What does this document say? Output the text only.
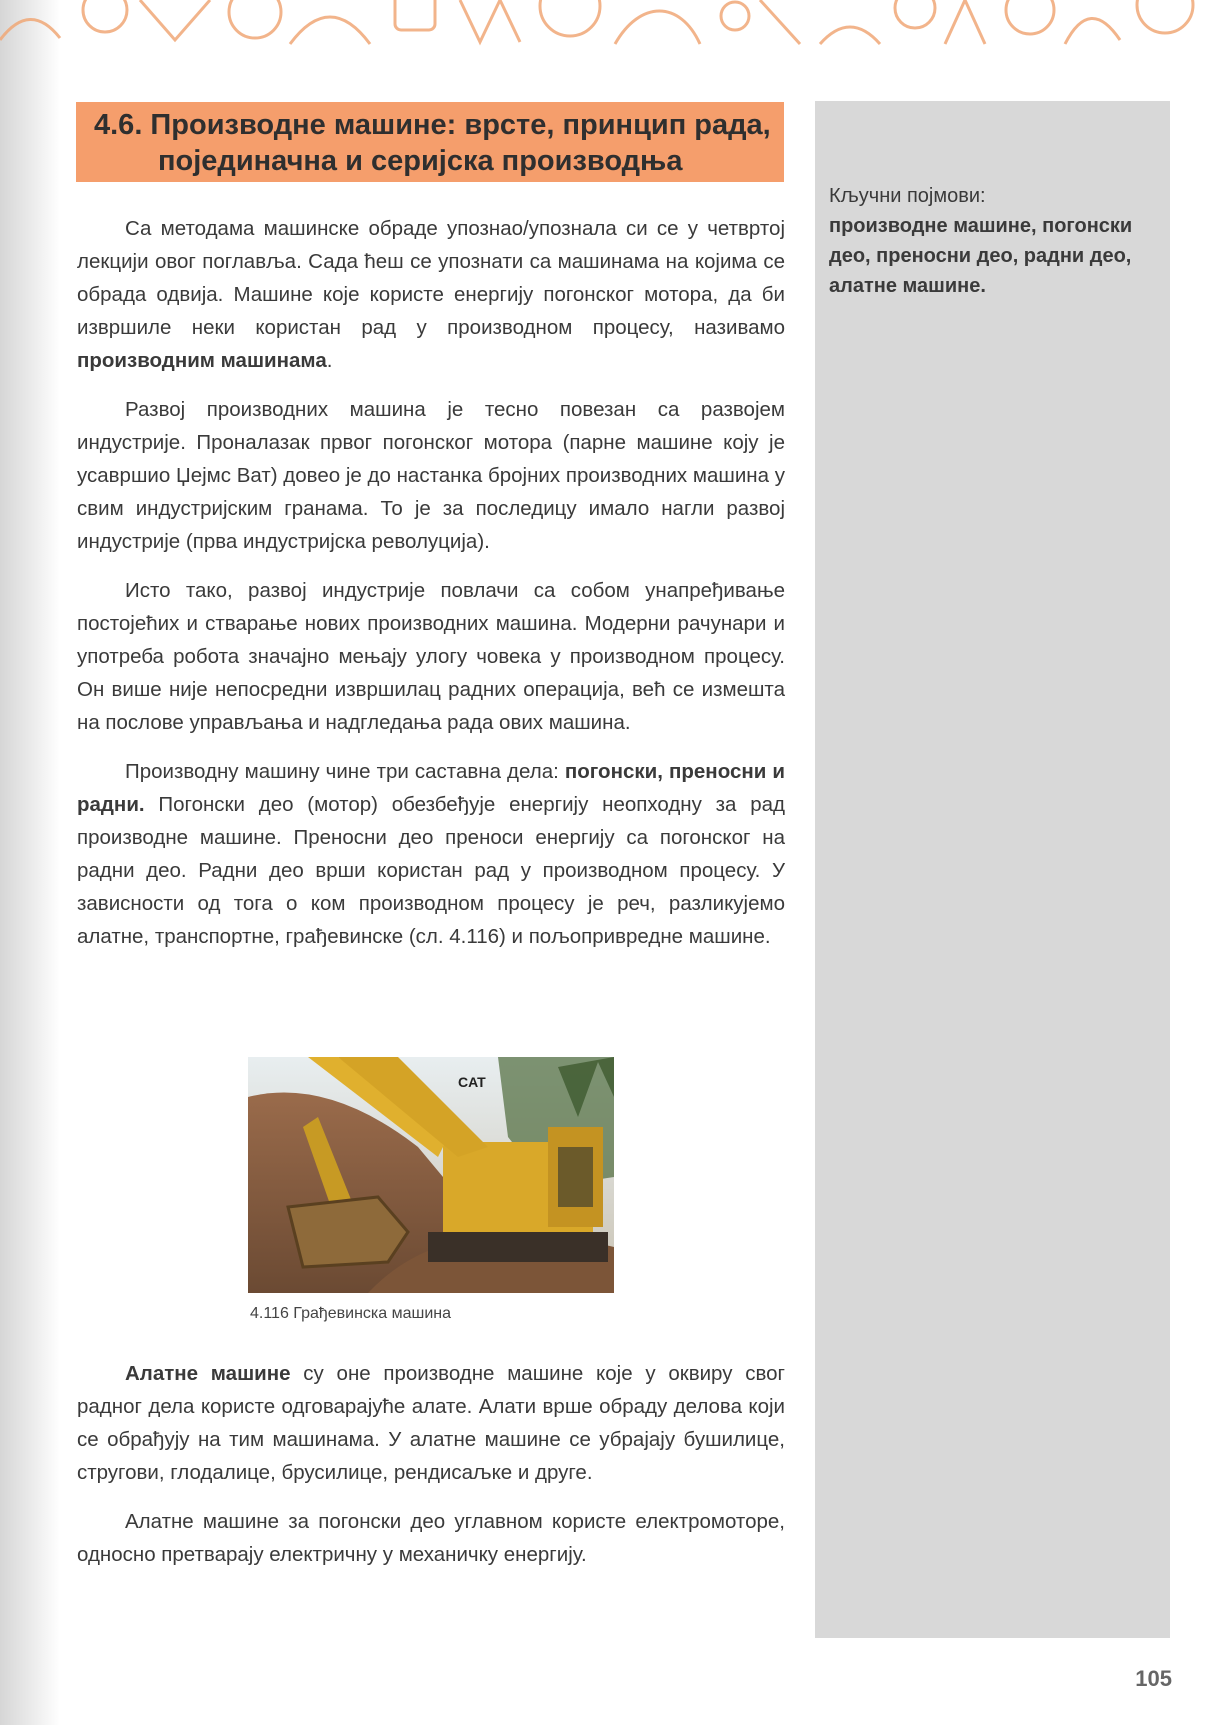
4.6. Производне машине: врсте, принцип рада,
појединачна и серијска производња
Кључни појмови:
производне машине, погонски део, преносни део, радни део, алатне машине.

Са методама машинске обраде упознао/упознала си се у четвртој лекцији овог поглавља. Сада ћеш се упознати са машинама на којима се обрада одвија. Машине које користе енергију погонског мотора, да би извршиле неки користан рад у производном процесу, називамо производним машинама.

Развој производних машина је тесно повезан са развојем индустрије. Проналазак првог погонског мотора (парне машине коју је усавршио Џејмс Ват) довео је до настанка бројних производних машина у свим индустријским гранама. То је за последицу имало нагли развој индустрије (прва индустријска револуција).

Исто тако, развој индустрије повлачи са собом унапређивање постојећих и стварање нових производних машина. Модерни рачунари и употреба робота значајно мењају улогу човека у производном процесу. Он више није непосредни извршилац радних операција, већ се измешта на послове управљања и надгледања рада ових машина.

Производну машину чине три саставна дела: погонски, преносни и радни. Погонски део (мотор) обезбеђује енергију неопходну за рад производне машине. Преносни део преноси енергију са погонског на радни део. Радни део врши користан рад у производном процесу. У зависности од тога о ком производном процесу је реч, разликујемо алатне, транспортне, грађевинске (сл. 4.116) и пољопривредне машине.

CAT
4.116 Грађевинска машина

Алатне машине су оне производне машине које у оквиру свог радног дела користе одговарајуће алате. Алати врше обраду делова који се обрађују на тим машинама. У алатне машине се убрајају бушилице, стругови, глодалице, брусилице, рендисаљке и друге.

Алатне машине за погонски део углавном користе електромоторе, односно претварају електричну у механичку енергију.

105
